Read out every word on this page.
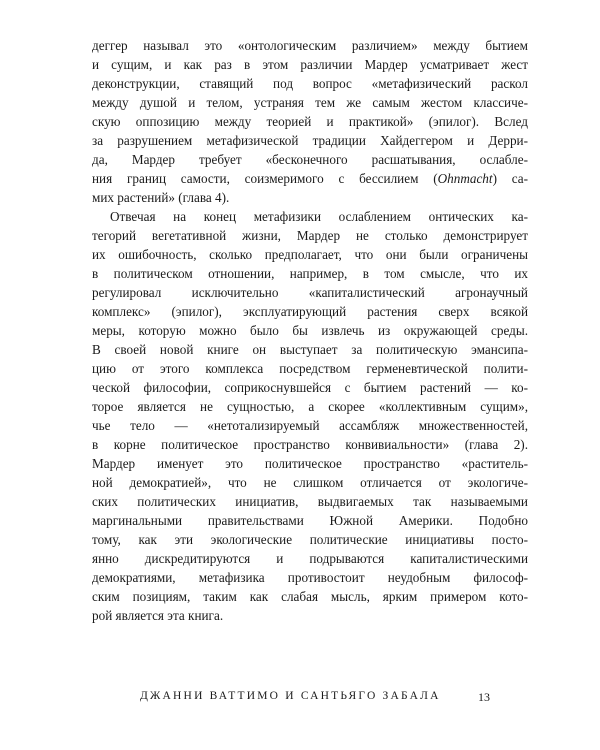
деггер называл это «онтологическим различием» между бытием
и сущим, и как раз в этом различии Мардер усматривает жест
деконструкции, ставящий под вопрос «метафизический раскол
между душой и телом, устраняя тем же самым жестом классиче-
скую оппозицию между теорией и практикой» (эпилог). Вслед
за разрушением метафизической традиции Хайдеггером и Дерри-
да, Мардер требует «бесконечного расшатывания, ослабле-
ния границ самости, соизмеримого с бессилием (Ohnmacht) са-
мих растений» (глава 4).
Отвечая на конец метафизики ослаблением онтических ка-
тегорий вегетативной жизни, Мардер не столько демонстрирует
их ошибочность, сколько предполагает, что они были ограничены
в политическом отношении, например, в том смысле, что их
регулировал исключительно «капиталистический агронаучный
комплекс» (эпилог), эксплуатирующий растения сверх всякой
меры, которую можно было бы извлечь из окружающей среды.
В своей новой книге он выступает за политическую эмансипа-
цию от этого комплекса посредством герменевтической полити-
ческой философии, соприкоснувшейся с бытием растений — ко-
торое является не сущностью, а скорее «коллективным сущим»,
чье тело — «нетотализируемый ассамбляж множественностей,
в корне политическое пространство конвивиальности» (глава 2).
Мардер именует это политическое пространство «раститель-
ной демократией», что не слишком отличается от экологиче-
ских политических инициатив, выдвигаемых так называемыми
маргинальными правительствами Южной Америки. Подобно
тому, как эти экологические политические инициативы посто-
янно дискредитируются и подрываются капиталистическими
демократиями, метафизика противостоит неудобным философ-
ским позициям, таким как слабая мысль, ярким примером кото-
рой является эта книга.
ДЖАННИ ВАТТИМО И САНТЬЯГО ЗАБАЛА	13
